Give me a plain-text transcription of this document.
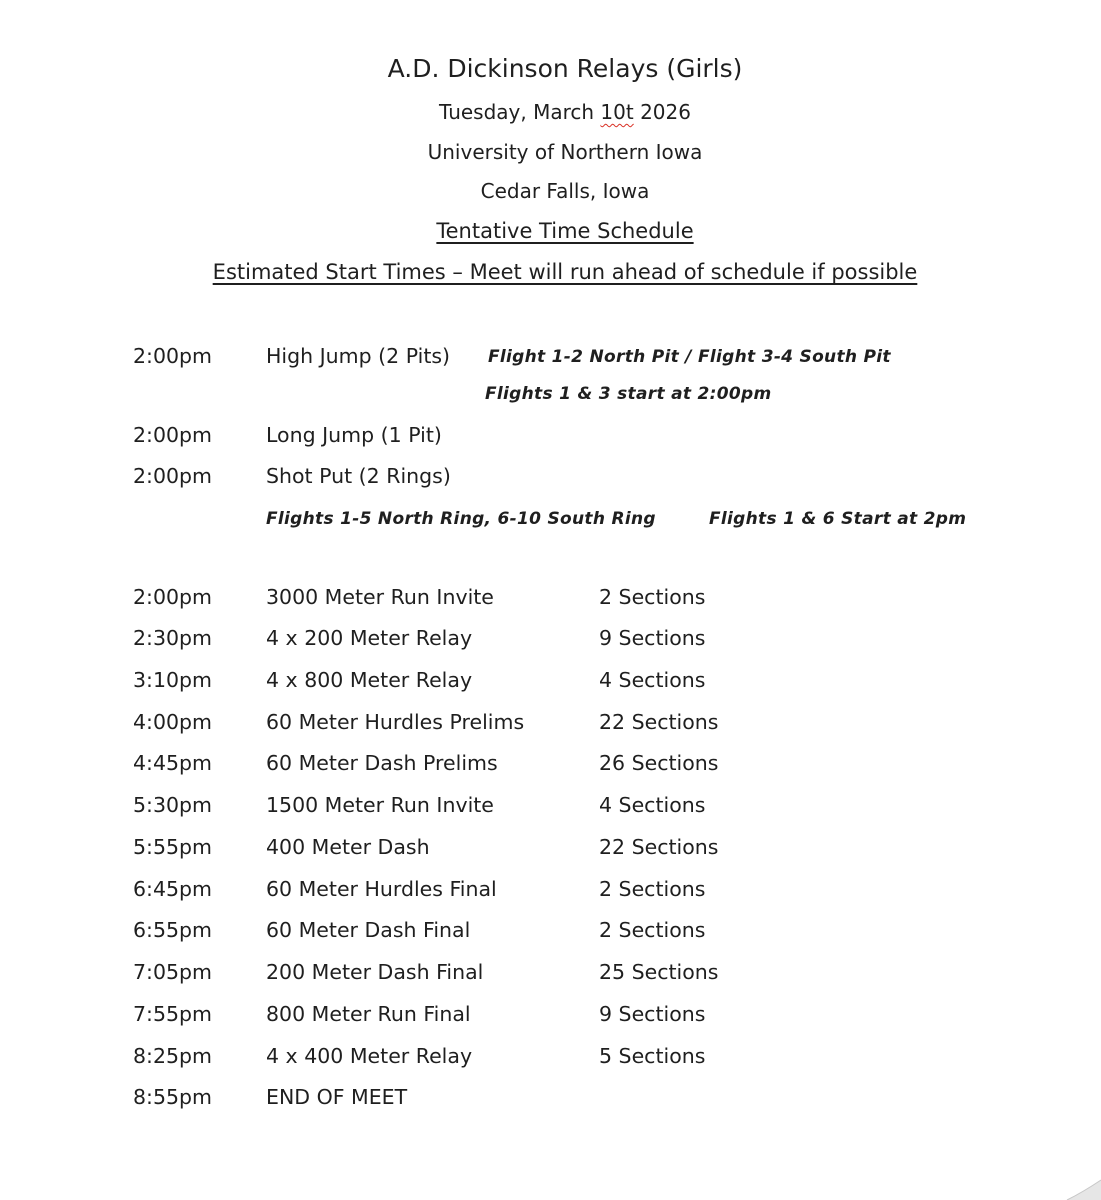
A.D. Dickinson Relays (Girls)
Tuesday, March 10t 2026
University of Northern Iowa
Cedar Falls, Iowa
Tentative Time Schedule
Estimated Start Times – Meet will run ahead of schedule if possible
2:00pm	High Jump (2 Pits) Flight 1-2 North Pit / Flight 3-4 South Pit
Flights 1 & 3 start at 2:00pm
2:00pm	Long Jump (1 Pit)
2:00pm	Shot Put (2 Rings)
Flights 1-5 North Ring, 6-10 South Ring	Flights 1 & 6 Start at 2pm
2:00pm	3000 Meter Run Invite	2 Sections
2:30pm	4 x 200 Meter Relay	9 Sections
3:10pm	4 x 800 Meter Relay	4 Sections
4:00pm	60 Meter Hurdles Prelims	22 Sections
4:45pm	60 Meter Dash Prelims	26 Sections
5:30pm	1500 Meter Run Invite	4 Sections
5:55pm	400 Meter Dash	22 Sections
6:45pm	60 Meter Hurdles Final	2 Sections
6:55pm	60 Meter Dash Final	2 Sections
7:05pm	200 Meter Dash Final	25 Sections
7:55pm	800 Meter Run Final	9 Sections
8:25pm	4 x 400 Meter Relay	5 Sections
8:55pm	END OF MEET
